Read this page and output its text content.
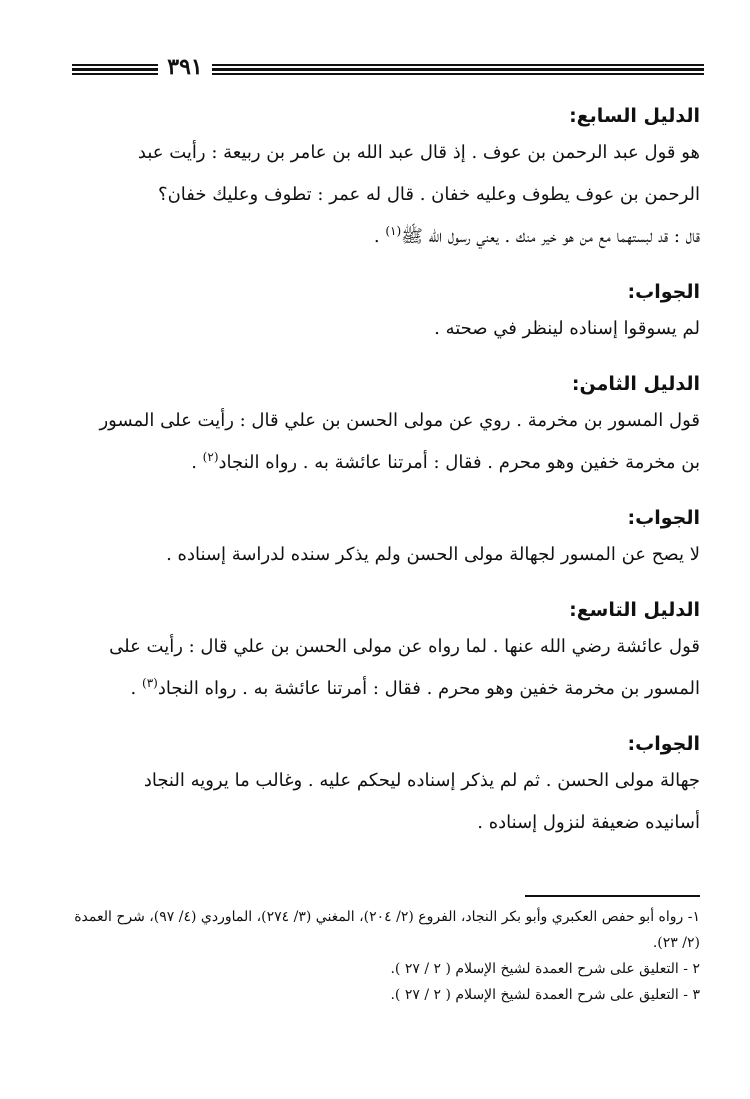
٣٩١

الدليل السابع:

هو قول عبد الرحمن بن عوف . إذ قال عبد الله بن عامر بن ربيعة : رأيت عبد

الرحمن بن عوف يطوف وعليه خفان . قال له عمر : تطوف وعليك خفان؟

قال : قد لبستهما مع من هو خير منك . يعني رسول الله ﷺ$^{(١)}$ .

الجواب:

لم يسوقوا إسناده لينظر في صحته .

الدليل الثامن:

قول المسور بن مخرمة . روي عن مولى الحسن بن علي قال : رأيت على المسور

بن مخرمة خفين وهو محرم . فقال : أمرتنا عائشة به . رواه النجاد$^{(٢)}$ .

الجواب:

لا يصح عن المسور لجهالة مولى الحسن ولم يذكر سنده لدراسة إسناده .

الدليل التاسع:

قول عائشة رضي الله عنها . لما رواه عن مولى الحسن بن علي قال : رأيت على

المسور بن مخرمة خفين وهو محرم . فقال : أمرتنا عائشة به . رواه النجاد$^{(٣)}$ .

الجواب:

جهالة مولى الحسن . ثم لم يذكر إسناده ليحكم عليه . وغالب ما يرويه النجاد

أسانيده ضعيفة لنزول إسناده .

١- رواه أبو حفص العكبري وأبو بكر النجاد، الفروع (٢/ ٢٠٤)، المغني (٣/ ٢٧٤)، الماوردي (٤/ ٩٧)، شرح العمدة (٢/ ٢٣).

٢ - التعليق على شرح العمدة لشيخ الإسلام ( ٢ / ٢٧ ).

٣ - التعليق على شرح العمدة لشيخ الإسلام ( ٢ / ٢٧ ).
